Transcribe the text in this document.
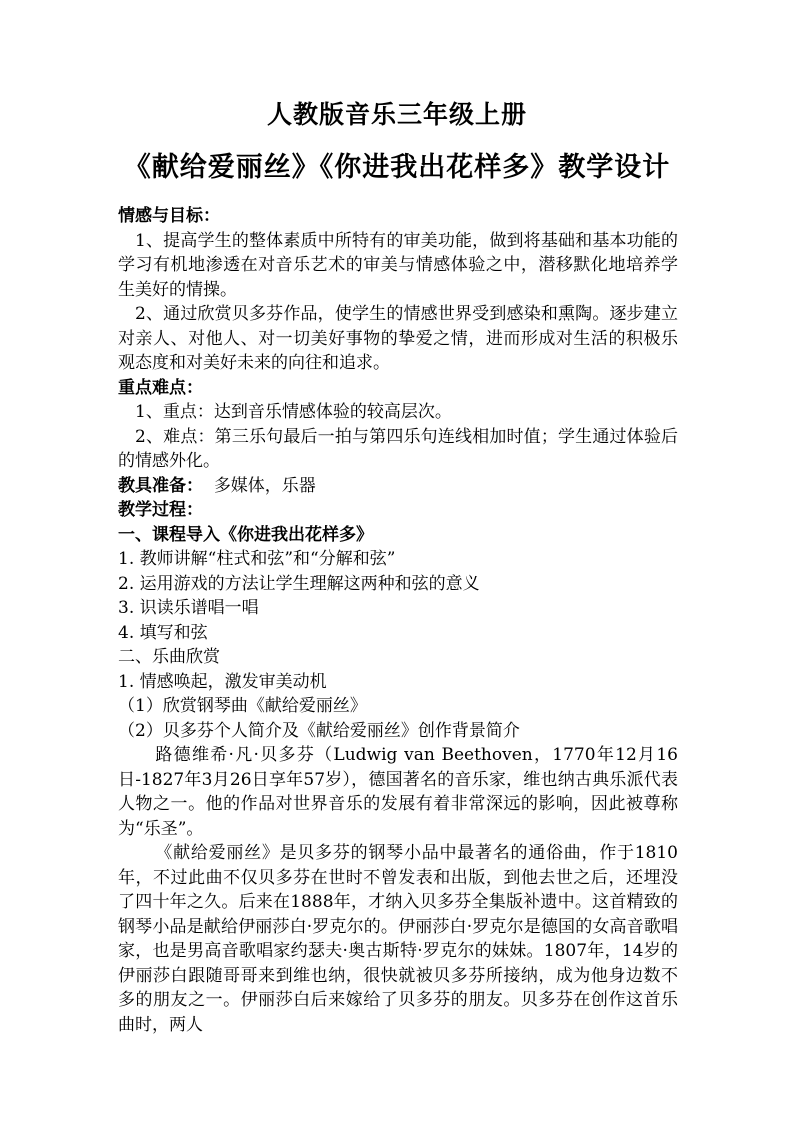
人教版音乐三年级上册
《献给爱丽丝》《你进我出花样多》教学设计

情感与目标：

1、提高学生的整体素质中所特有的审美功能，做到将基础和基本功能的学习有机地渗透在对音乐艺术的审美与情感体验之中，潜移默化地培养学生美好的情操。

2、通过欣赏贝多芬作品，使学生的情感世界受到感染和熏陶。逐步建立对亲人、对他人、对一切美好事物的挚爱之情，进而形成对生活的积极乐观态度和对美好未来的向往和追求。

重点难点：

1、重点：达到音乐情感体验的较高层次。

2、难点：第三乐句最后一拍与第四乐句连线相加时值；学生通过体验后的情感外化。

教具准备： 多媒体，乐器

教学过程：

一、课程导入《你进我出花样多》

1. 教师讲解“柱式和弦”和“分解和弦”

2. 运用游戏的方法让学生理解这两种和弦的意义

3. 识读乐谱唱一唱

4. 填写和弦

二、乐曲欣赏

1. 情感唤起，激发审美动机

（1）欣赏钢琴曲《献给爱丽丝》

（2）贝多芬个人简介及《献给爱丽丝》创作背景简介

路德维希·凡·贝多芬（Ludwig van Beethoven，1770年12月16日-1827年3月26日享年57岁），德国著名的音乐家，维也纳古典乐派代表人物之一。他的作品对世界音乐的发展有着非常深远的影响，因此被尊称为“乐圣”。

《献给爱丽丝》是贝多芬的钢琴小品中最著名的通俗曲，作于1810年，不过此曲不仅贝多芬在世时不曾发表和出版，到他去世之后，还埋没了四十年之久。后来在1888年，才纳入贝多芬全集版补遗中。这首精致的钢琴小品是献给伊丽莎白·罗克尔的。伊丽莎白·罗克尔是德国的女高音歌唱家，也是男高音歌唱家约瑟夫·奥古斯特·罗克尔的妹妹。1807年，14岁的伊丽莎白跟随哥哥来到维也纳，很快就被贝多芬所接纳，成为他身边数不多的朋友之一。伊丽莎白后来嫁给了贝多芬的朋友。贝多芬在创作这首乐曲时，两人
